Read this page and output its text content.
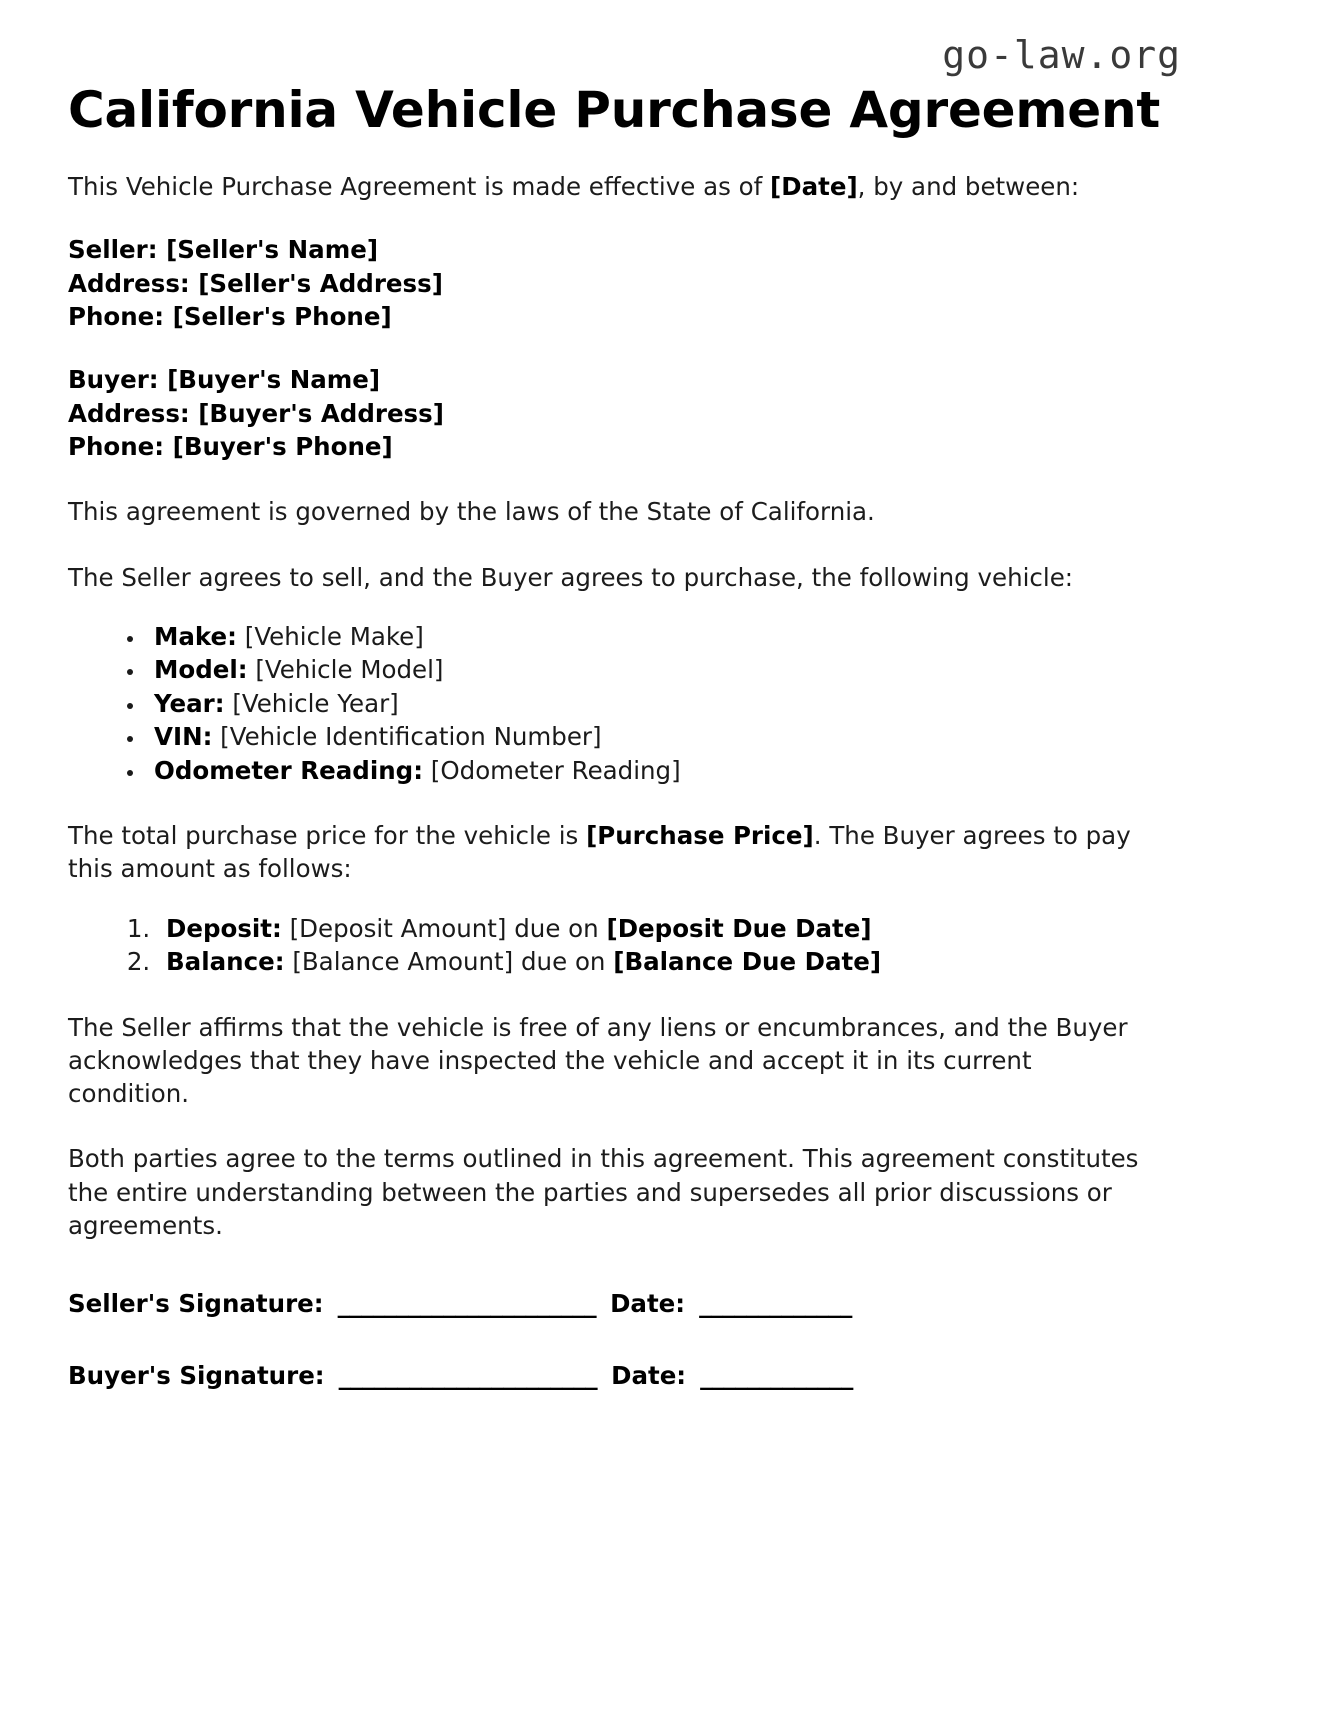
go-law.org
California Vehicle Purchase Agreement

This Vehicle Purchase Agreement is made effective as of [Date], by and between:

Seller: [Seller's Name]
Address: [Seller's Address]
Phone: [Seller's Phone]
Buyer: [Buyer's Name]
Address: [Buyer's Address]
Phone: [Buyer's Phone]

This agreement is governed by the laws of the State of California.

The Seller agrees to sell, and the Buyer agrees to purchase, the following vehicle:

• Make: [Vehicle Make]
• Model: [Vehicle Model]
• Year: [Vehicle Year]
• VIN: [Vehicle Identification Number]
• Odometer Reading: [Odometer Reading]

The total purchase price for the vehicle is [Purchase Price]. The Buyer agrees to pay this amount as follows:

1. Deposit: [Deposit Amount] due on [Deposit Due Date]
2. Balance: [Balance Amount] due on [Balance Due Date]

The Seller affirms that the vehicle is free of any liens or encumbrances, and the Buyer acknowledges that they have inspected the vehicle and accept it in its current condition.

Both parties agree to the terms outlined in this agreement. This agreement constitutes the entire understanding between the parties and supersedes all prior discussions or agreements.

Seller's Signature: ______________________ Date: _____________
Buyer's Signature: ______________________ Date: _____________
